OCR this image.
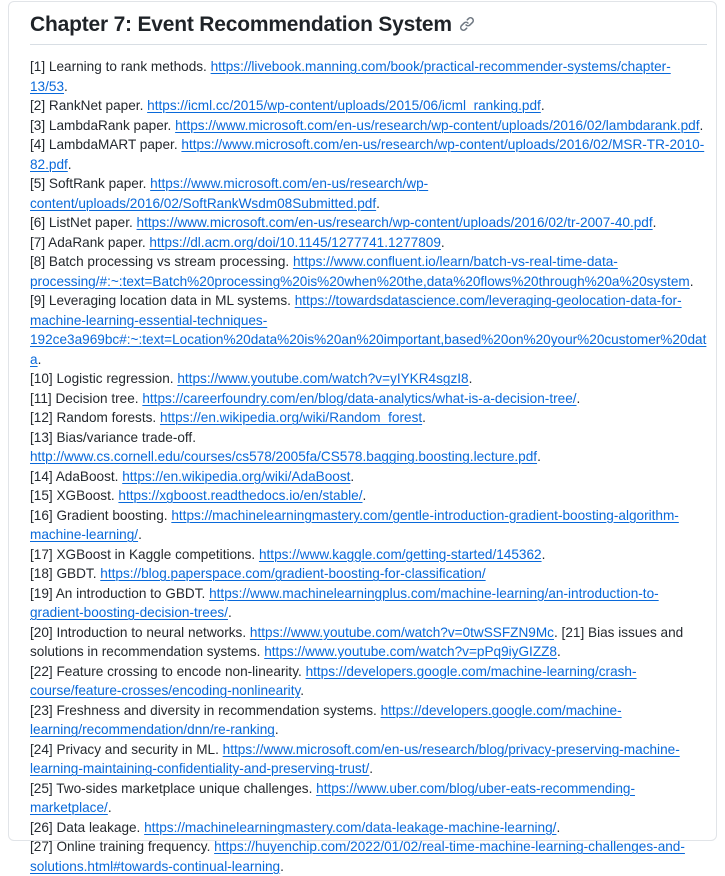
Chapter 7: Event Recommendation System

[1] Learning to rank methods. https://livebook.manning.com/book/practical-recommender-systems/chapter-13/53.
[2] RankNet paper. https://icml.cc/2015/wp-content/uploads/2015/06/icml_ranking.pdf.
[3] LambdaRank paper. https://www.microsoft.com/en-us/research/wp-content/uploads/2016/02/lambdarank.pdf.
[4] LambdaMART paper. https://www.microsoft.com/en-us/research/wp-content/uploads/2016/02/MSR-TR-2010-82.pdf.
[5] SoftRank paper. https://www.microsoft.com/en-us/research/wp-content/uploads/2016/02/SoftRankWsdm08Submitted.pdf.
[6] ListNet paper. https://www.microsoft.com/en-us/research/wp-content/uploads/2016/02/tr-2007-40.pdf.
[7] AdaRank paper. https://dl.acm.org/doi/10.1145/1277741.1277809.
[8] Batch processing vs stream processing. https://www.confluent.io/learn/batch-vs-real-time-data-processing/#:~:text=Batch%20processing%20is%20when%20the,data%20flows%20through%20a%20system.
[9] Leveraging location data in ML systems. https://towardsdatascience.com/leveraging-geolocation-data-for-machine-learning-essential-techniques-192ce3a969bc#:~:text=Location%20data%20is%20an%20important,based%20on%20your%20customer%20data.
[10] Logistic regression. https://www.youtube.com/watch?v=yIYKR4sgzI8.
[11] Decision tree. https://careerfoundry.com/en/blog/data-analytics/what-is-a-decision-tree/.
[12] Random forests. https://en.wikipedia.org/wiki/Random_forest.
[13] Bias/variance trade-off. http://www.cs.cornell.edu/courses/cs578/2005fa/CS578.bagging.boosting.lecture.pdf.
[14] AdaBoost. https://en.wikipedia.org/wiki/AdaBoost.
[15] XGBoost. https://xgboost.readthedocs.io/en/stable/.
[16] Gradient boosting. https://machinelearningmastery.com/gentle-introduction-gradient-boosting-algorithm-machine-learning/.
[17] XGBoost in Kaggle competitions. https://www.kaggle.com/getting-started/145362.
[18] GBDT. https://blog.paperspace.com/gradient-boosting-for-classification/
[19] An introduction to GBDT. https://www.machinelearningplus.com/machine-learning/an-introduction-to-gradient-boosting-decision-trees/.
[20] Introduction to neural networks. https://www.youtube.com/watch?v=0twSSFZN9Mc. [21] Bias issues and solutions in recommendation systems. https://www.youtube.com/watch?v=pPq9iyGIZZ8.
[22] Feature crossing to encode non-linearity. https://developers.google.com/machine-learning/crash-course/feature-crosses/encoding-nonlinearity.
[23] Freshness and diversity in recommendation systems. https://developers.google.com/machine-learning/recommendation/dnn/re-ranking.
[24] Privacy and security in ML. https://www.microsoft.com/en-us/research/blog/privacy-preserving-machine-learning-maintaining-confidentiality-and-preserving-trust/.
[25] Two-sides marketplace unique challenges. https://www.uber.com/blog/uber-eats-recommending-marketplace/.
[26] Data leakage. https://machinelearningmastery.com/data-leakage-machine-learning/.
[27] Online training frequency. https://huyenchip.com/2022/01/02/real-time-machine-learning-challenges-and-solutions.html#towards-continual-learning.
